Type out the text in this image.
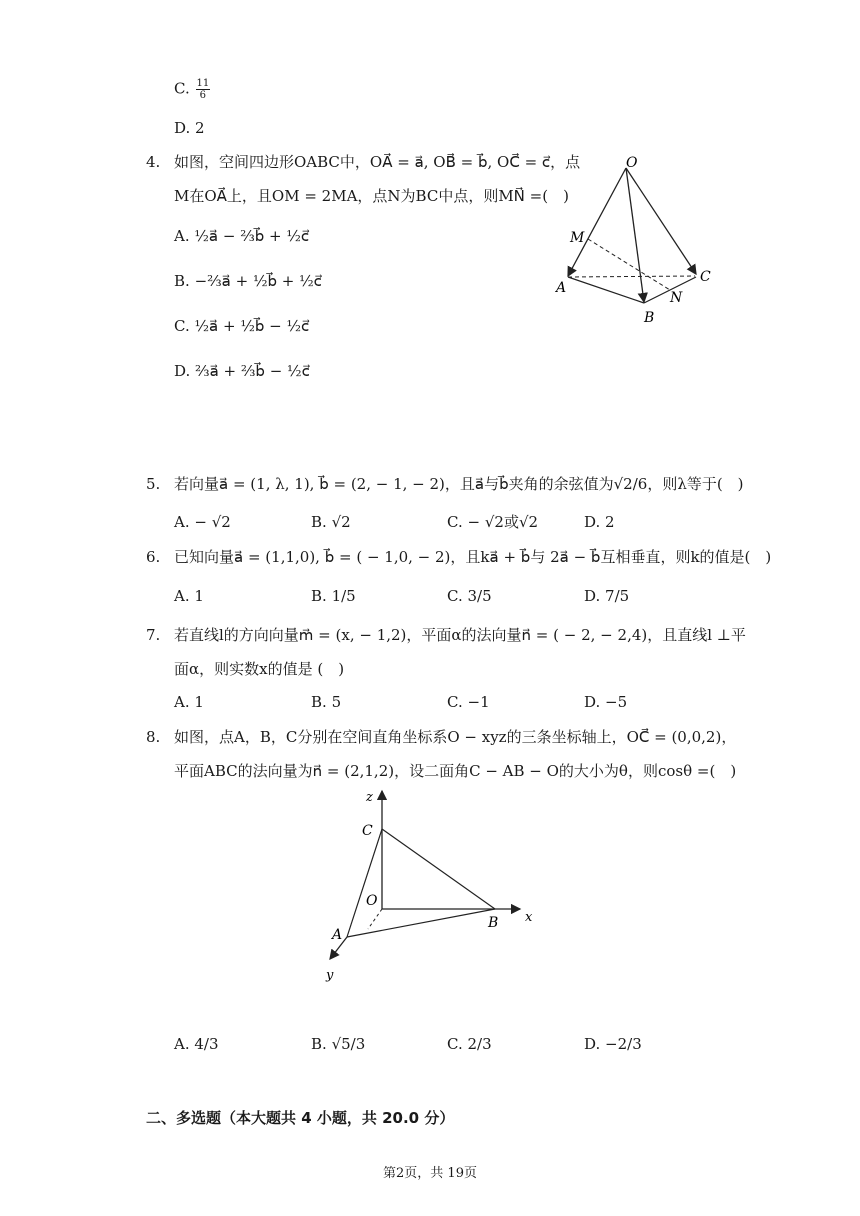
C. $\frac{11}{6}$
D. 2
4. 如图，空间四边形OABC中，OA⃗ = a⃗, OB⃗ = b⃗, OC⃗ = c⃗，点
M在OA⃗上，且OM = 2MA，点N为BC中点，则MN⃗ =(　)
A. ½a⃗ − ⅔b⃗ + ½c⃗
B. −⅔a⃗ + ½b⃗ + ½c⃗
C. ½a⃗ + ½b⃗ − ½c⃗
D. ⅔a⃗ + ⅔b⃗ − ½c⃗
O
M
A
B
C
N
5. 若向量a⃗ = (1, λ, 1), b⃗ = (2, − 1, − 2)，且a⃗与b⃗夹角的余弦值为√2/6，则λ等于(　)
A. − √2	B. √2	C. − √2或√2	D. 2
6. 已知向量a⃗ = (1,1,0), b⃗ = ( − 1,0, − 2)，且ka⃗ + b⃗与 2a⃗ − b⃗互相垂直，则k的值是(　)
A. 1	B. 1/5	C. 3/5	D. 7/5
7. 若直线l的方向向量m⃗ = (x, − 1,2)，平面α的法向量n⃗ = ( − 2, − 2,4)，且直线l ⊥平
面α，则实数x的值是 (　)
A. 1	B. 5	C. −1	D. −5
8. 如图，点A，B，C分别在空间直角坐标系O − xyz的三条坐标轴上，OC⃗ = (0,0,2)，
平面ABC的法向量为n⃗ = (2,1,2)，设二面角C − AB − O的大小为θ，则cosθ =(　)
z
C
O
B x
A
y
A. 4/3	B. √5/3	C. 2/3	D. −2/3
二、多选题（本大题共 4 小题，共 20.0 分）
第2页，共 19页
